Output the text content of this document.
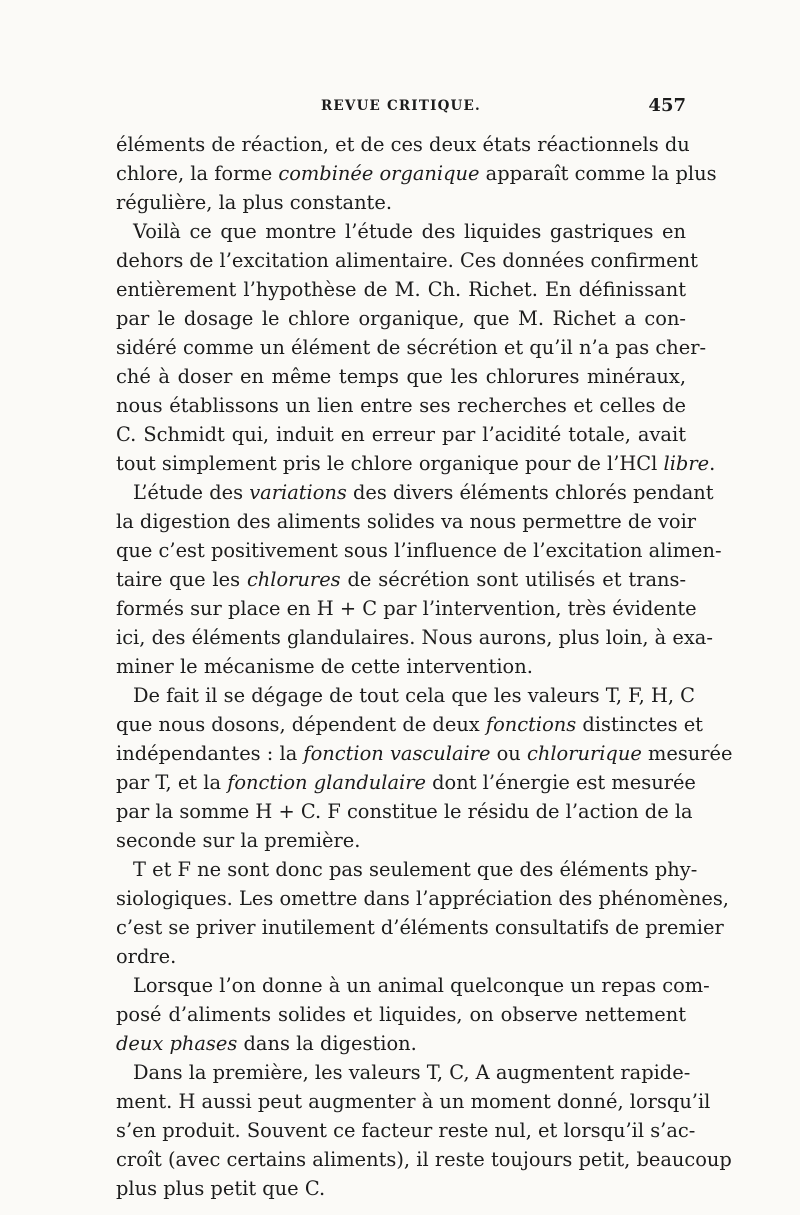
REVUE CRITIQUE.	457
éléments de réaction, et de ces deux états réactionnels du
chlore, la forme combinée organique apparaît comme la plus
régulière, la plus constante.
Voilà ce que montre l’étude des liquides gastriques en
dehors de l’excitation alimentaire. Ces données confirment
entièrement l’hypothèse de M. Ch. Richet. En définissant
par le dosage le chlore organique, que M. Richet a con-
sidéré comme un élément de sécrétion et qu’il n’a pas cher-
ché à doser en même temps que les chlorures minéraux,
nous établissons un lien entre ses recherches et celles de
C. Schmidt qui, induit en erreur par l’acidité totale, avait
tout simplement pris le chlore organique pour de l’HCl libre.
L’étude des variations des divers éléments chlorés pendant
la digestion des aliments solides va nous permettre de voir
que c’est positivement sous l’influence de l’excitation alimen-
taire que les chlorures de sécrétion sont utilisés et trans-
formés sur place en H + C par l’intervention, très évidente
ici, des éléments glandulaires. Nous aurons, plus loin, à exa-
miner le mécanisme de cette intervention.
De fait il se dégage de tout cela que les valeurs T, F, H, C
que nous dosons, dépendent de deux fonctions distinctes et
indépendantes : la fonction vasculaire ou chlorurique mesurée
par T, et la fonction glandulaire dont l’énergie est mesurée
par la somme H + C. F constitue le résidu de l’action de la
seconde sur la première.
T et F ne sont donc pas seulement que des éléments phy-
siologiques. Les omettre dans l’appréciation des phénomènes,
c’est se priver inutilement d’éléments consultatifs de premier
ordre.
Lorsque l’on donne à un animal quelconque un repas com-
posé d’aliments solides et liquides, on observe nettement
deux phases dans la digestion.
Dans la première, les valeurs T, C, A augmentent rapide-
ment. H aussi peut augmenter à un moment donné, lorsqu’il
s’en produit. Souvent ce facteur reste nul, et lorsqu’il s’ac-
croît (avec certains aliments), il reste toujours petit, beaucoup
plus plus petit que C.
